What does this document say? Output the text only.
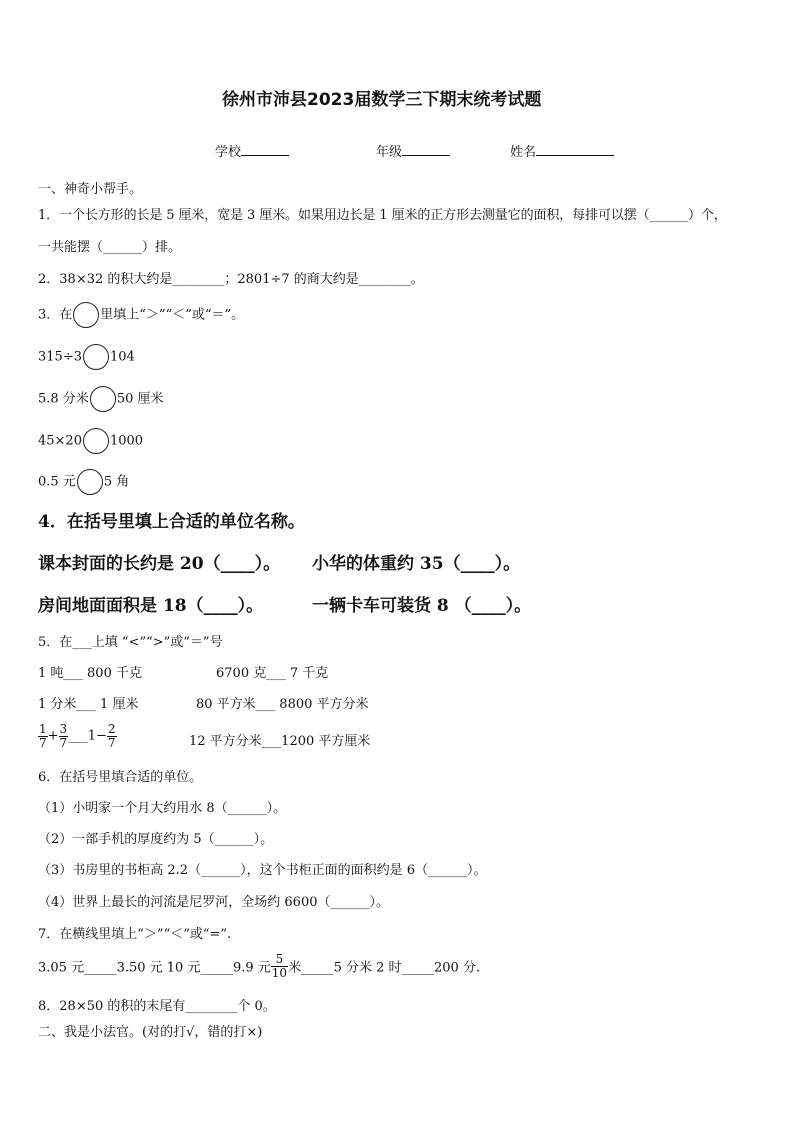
徐州市沛县2023届数学三下期末统考试题
学校	年级	姓名
一、神奇小帮手。
1．一个长方形的长是 5 厘米，宽是 3 厘米。如果用边长是 1 厘米的正方形去测量它的面积，每排可以摆（______）个，
一共能摆（______）排。
2．38×32 的积大约是________；2801÷7 的商大约是________。
3．在 里填上“＞”“＜”或“＝”。
315÷3 104
5.8 分米 50 厘米
45×20 1000
0.5 元 5 角
4．在括号里填上合适的单位名称。
课本封面的长约是 20（____）。 小华的体重约 35（____）。
房间地面面积是 18（____）。	一辆卡车可装货 8 （____）。
5．在___上填 “<”“>”或“＝”号
1 吨___ 800 千克	6700 克___ 7 千克
1 分米___ 1 厘米	80 平方米___ 8800 平方分米
$\frac{1}{7} + \frac{3}{7}$ ___1− $\frac{2}{7}$	12 平方分米___1200 平方厘米
6．在括号里填合适的单位。
（1）小明家一个月大约用水 8（______）。
（2）一部手机的厚度约为 5（______）。
（3）书房里的书柜高 2.2（______），这个书柜正面的面积约是 6（______）。
（4）世界上最长的河流是尼罗河，全场约 6600（______）。
7．在横线里填上“＞”“＜”或“=”.
3.05 元_____3.50 元 10 元_____9.9 元 $\frac{5}{10}$ 米_____5 分米 2 时_____200 分.
8．28×50 的积的末尾有________个 0。
二、我是小法官。(对的打√，错的打×)
